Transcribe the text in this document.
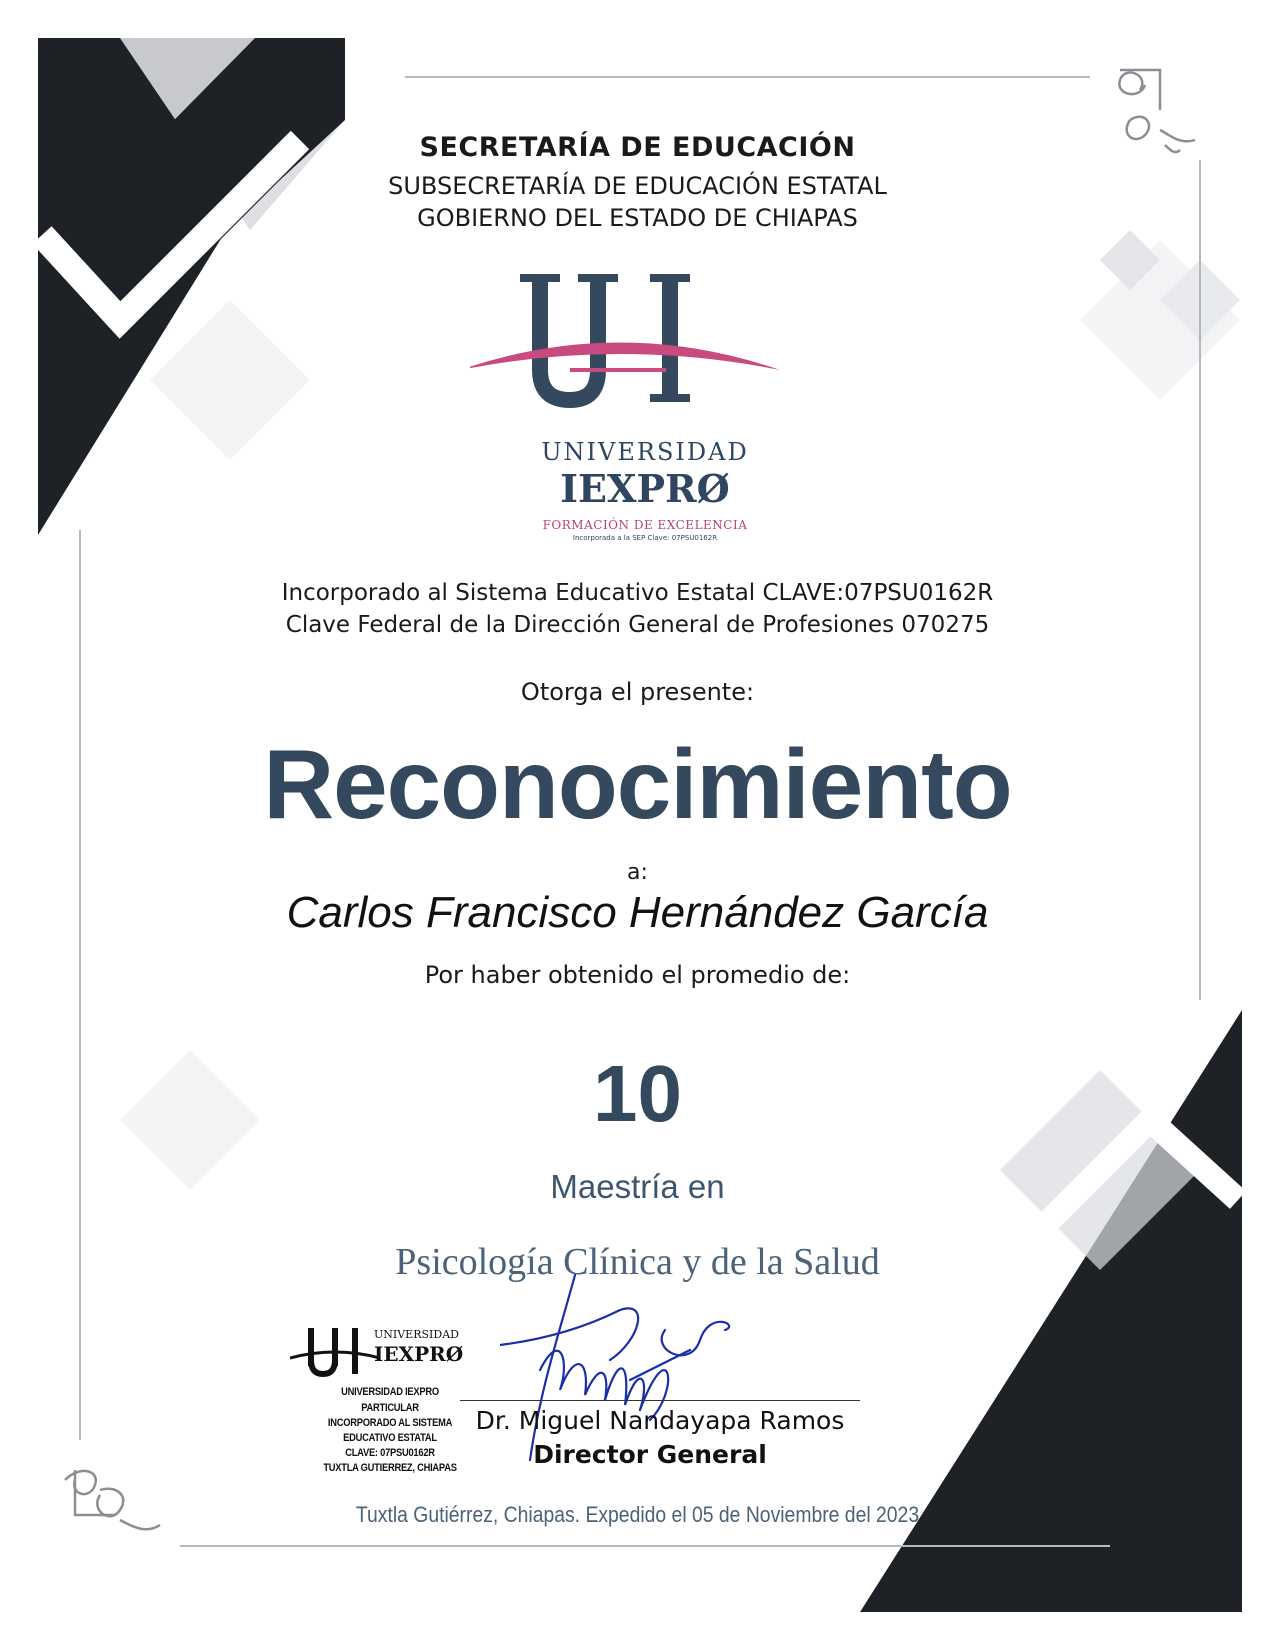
SECRETARÍA DE EDUCACIÓN
SUBSECRETARÍA DE EDUCACIÓN ESTATAL
GOBIERNO DEL ESTADO DE CHIAPAS
UNIVERSIDAD
IEXPRØ
FORMACIÓN DE EXCELENCIA
Incorporada a la SEP Clave: 07PSU0162R
Incorporado al Sistema Educativo Estatal CLAVE:07PSU0162R
Clave Federal de la Dirección General de Profesiones 070275
Otorga el presente:
Reconocimiento
a:
Carlos Francisco Hernández García
Por haber obtenido el promedio de:
10
Maestría en
Psicología Clínica y de la Salud
UNIVERSIDAD
IEXPRØ
UNIVERSIDAD IEXPRO
PARTICULAR
INCORPORADO AL SISTEMA
EDUCATIVO ESTATAL
CLAVE: 07PSU0162R
TUXTLA GUTIERREZ, CHIAPAS
Dr. Miguel Nandayapa Ramos
Director General
Tuxtla Gutiérrez, Chiapas. Expedido el 05 de Noviembre del 2023
